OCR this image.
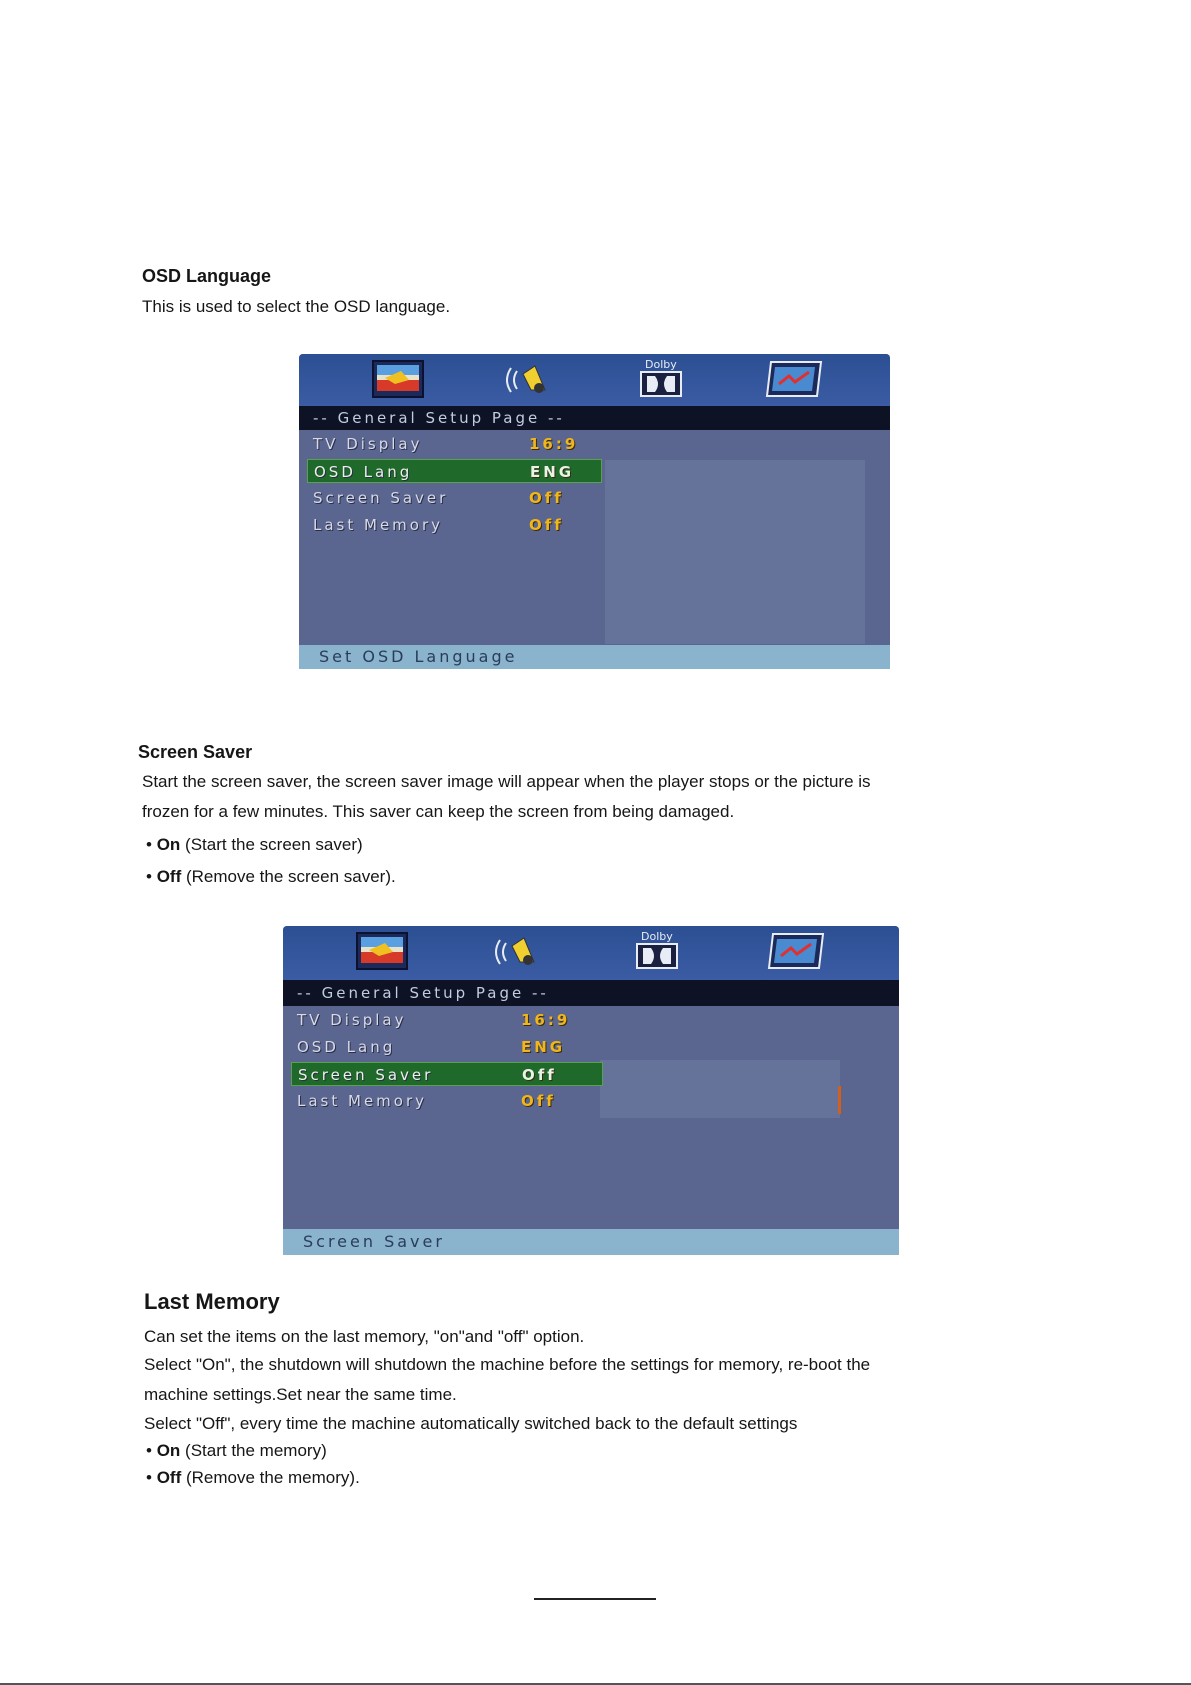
OSD Language
This is used to select the OSD language.
Dolby
-- General Setup Page --
TV Display	16:9
OSD Lang	ENG
Screen Saver	Off
Last Memory	Off
Set OSD Language
Screen Saver
Start the screen saver, the screen saver image will appear when the player stops or the picture is
frozen for a few minutes. This saver can keep the screen from being damaged.
• On (Start the screen saver)
• Off (Remove the screen saver).
Dolby
-- General Setup Page --
TV Display	16:9
OSD Lang	ENG
Screen Saver	Off
Last Memory	Off
Screen Saver
Last Memory
Can set the items on the last memory, "on"and "off" option.
Select "On", the shutdown will shutdown the machine before the settings for memory, re-boot the
machine settings.Set near the same time.
Select "Off", every time the machine automatically switched back to the default settings
• On (Start the memory)
• Off (Remove the memory).
